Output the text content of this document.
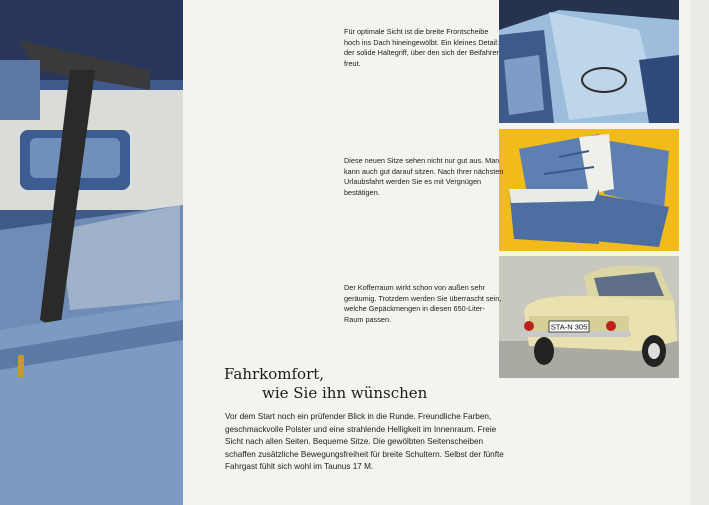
STA-N 305
Für optimale Sicht ist die breite Frontscheibe hoch ins Dach hineingewölbt. Ein kleines Detail: der solide Haltegriff, über den sich der Beifahrer freut.
Diese neuen Sitze sehen nicht nur gut aus. Man kann auch gut darauf sitzen. Nach Ihrer nächsten Urlaubsfahrt werden Sie es mit Vergnügen bestätigen.
Der Kofferraum wirkt schon von außen sehr geräumig. Trotzdem werden Sie überrascht sein, welche Gepäckmengen in diesen 650-Liter-Raum passen.
Fahrkomfort,
wie Sie ihn wünschen
Vor dem Start noch ein prüfender Blick in die Runde. Freundliche Farben, geschmackvolle Polster und eine strahlende Helligkeit im Innenraum. Freie Sicht nach allen Seiten. Bequeme Sitze. Die gewölbten Seitenscheiben schaffen zusätzliche Bewegungsfreiheit für breite Schultern. Selbst der fünfte Fahrgast fühlt sich wohl im Taunus 17 M.
